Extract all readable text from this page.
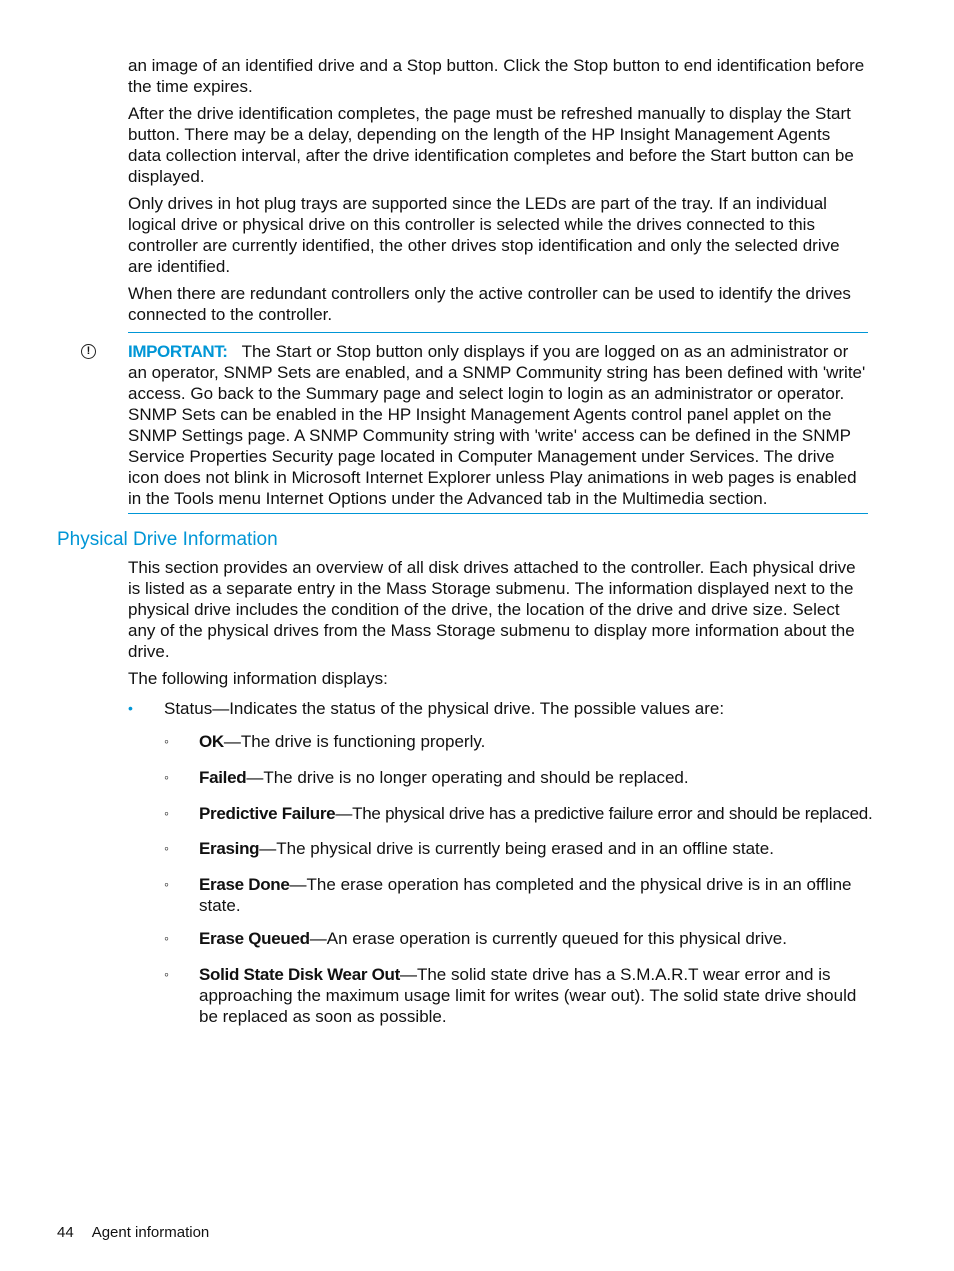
an image of an identified drive and a Stop button. Click the Stop button to end identification before the time expires.

After the drive identification completes, the page must be refreshed manually to display the Start button. There may be a delay, depending on the length of the HP Insight Management Agents data collection interval, after the drive identification completes and before the Start button can be displayed.

Only drives in hot plug trays are supported since the LEDs are part of the tray. If an individual logical drive or physical drive on this controller is selected while the drives connected to this controller are currently identified, the other drives stop identification and only the selected drive are identified.

When there are redundant controllers only the active controller can be used to identify the drives connected to the controller.

!	IMPORTANT: The Start or Stop button only displays if you are logged on as an administrator or an operator, SNMP Sets are enabled, and a SNMP Community string has been defined with 'write' access. Go back to the Summary page and select login to login as an administrator or operator. SNMP Sets can be enabled in the HP Insight Management Agents control panel applet on the SNMP Settings page. A SNMP Community string with 'write' access can be defined in the SNMP Service Properties Security page located in Computer Management under Services. The drive icon does not blink in Microsoft Internet Explorer unless Play animations in web pages is enabled in the Tools menu Internet Options under the Advanced tab in the Multimedia section.

Physical Drive Information

This section provides an overview of all disk drives attached to the controller. Each physical drive is listed as a separate entry in the Mass Storage submenu. The information displayed next to the physical drive includes the condition of the drive, the location of the drive and drive size. Select any of the physical drives from the Mass Storage submenu to display more information about the drive.

The following information displays:

• Status—Indicates the status of the physical drive. The possible values are:
◦ OK—The drive is functioning properly.
◦ Failed—The drive is no longer operating and should be replaced.
◦ Predictive Failure—The physical drive has a predictive failure error and should be replaced.
◦ Erasing—The physical drive is currently being erased and in an offline state.
◦ Erase Done—The erase operation has completed and the physical drive is in an offline state.
◦ Erase Queued—An erase operation is currently queued for this physical drive.
◦ Solid State Disk Wear Out—The solid state drive has a S.M.A.R.T wear error and is approaching the maximum usage limit for writes (wear out). The solid state drive should be replaced as soon as possible.
44 Agent information
